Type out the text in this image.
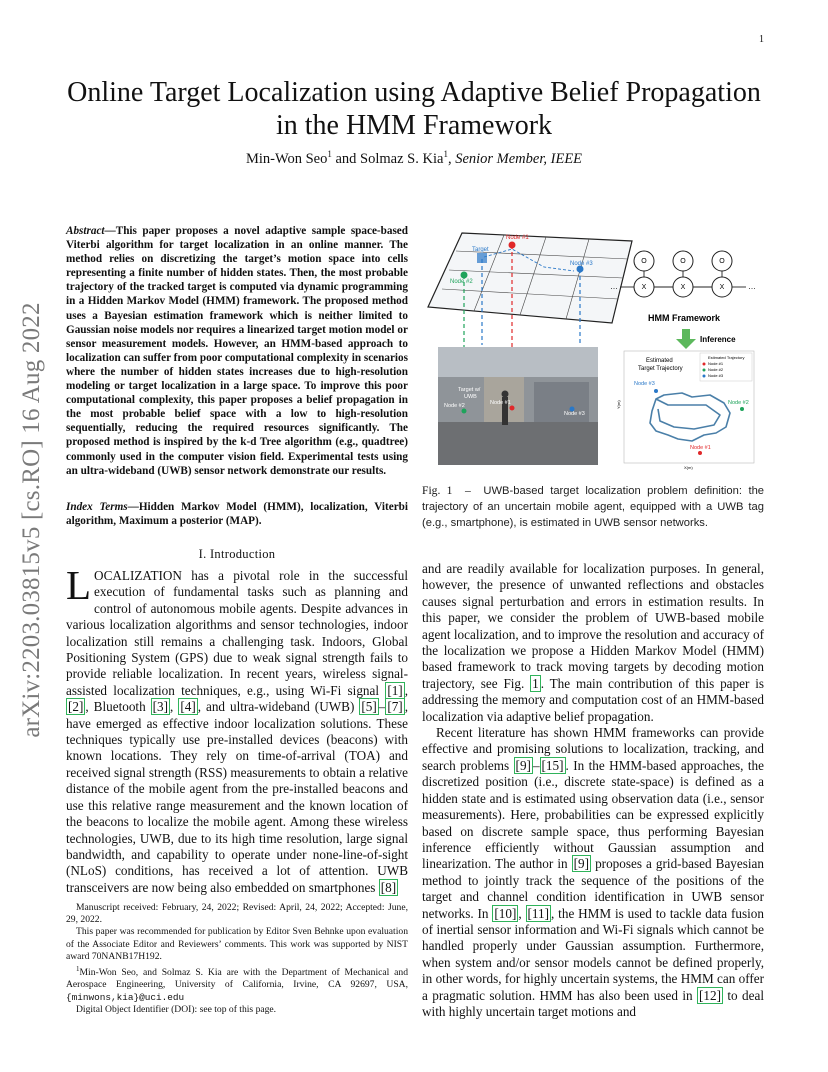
1
arXiv:2203.03815v5 [cs.RO] 16 Aug 2022
Online Target Localization using Adaptive Belief Propagation
in the HMM Framework
Min-Won Seo$^1$ and Solmaz S. Kia$^1$, Senior Member, IEEE
Abstract—This paper proposes a novel adaptive sample space-based Viterbi algorithm for target localization in an online manner. The method relies on discretizing the target’s motion space into cells representing a finite number of hidden states. Then, the most probable trajectory of the tracked target is computed via dynamic programming in a Hidden Markov Model (HMM) framework. The proposed method uses a Bayesian estimation framework which is neither limited to Gaussian noise models nor requires a linearized target motion model or sensor measurement models. However, an HMM-based approach to localization can suffer from poor computational complexity in scenarios where the number of hidden states increases due to high-resolution modeling or target localization in a large space. To improve this poor computational complexity, this paper proposes a belief propagation in the most probable belief space with a low to high-resolution sequentially, reducing the required resources significantly. The proposed method is inspired by the k-d Tree algorithm (e.g., quadtree) commonly used in the computer vision field. Experimental tests using an ultra-wideband (UWB) sensor network demonstrate our results.
Index Terms—Hidden Markov Model (HMM), localization, Viterbi algorithm, Maximum a posterior (MAP).
I. Introduction
LOCALIZATION has a pivotal role in the successful execution of fundamental tasks such as planning and control of autonomous mobile agents. Despite advances in various localization algorithms and sensor technologies, indoor localization still remains a challenging task. Indoors, Global Positioning System (GPS) due to weak signal strength fails to provide reliable localization. In recent years, wireless signal-assisted localization techniques, e.g., using Wi-Fi signal [1] , [2] , Bluetooth [3] , [4] , and ultra-wideband (UWB) [5] – [7] , have emerged as effective indoor localization solutions. These techniques typically use pre-installed devices (beacons) with known locations. They rely on time-of-arrival (TOA) and received signal strength (RSS) measurements to obtain a relative distance of the mobile agent from the pre-installed beacons and use this relative range measurement and the known location of the beacons to localize the mobile agent. Among these wireless technologies, UWB, due to its high time resolution, large signal bandwidth, and capability to operate under none-line-of-sight (NLoS) conditions, has received a lot of attention. UWB transceivers are now being also embedded on smartphones [8]

Manuscript received: February, 24, 2022; Revised: April, 24, 2022; Accepted: June, 29, 2022.

This paper was recommended for publication by Editor Sven Behnke upon evaluation of the Associate Editor and Reviewers’ comments. This work was supported by NIST award 70NANB17H192.

$^1$Min-Won Seo, and Solmaz S. Kia are with the Department of Mechanical and Aerospace Engineering, University of California, Irvine, CA 92697, USA, {minwons,kia}@uci.edu

Digital Object Identifier (DOI): see top of this page.

Node #1
Node #2
Node #3
Target
O	O	O
X	X	X
…	…
HMM Framework
Inference
Target w/
UWB
Node #1
Node #2
Node #3
Estimated
Target Trajectory
Estimated Trajectory
Node #1
Node #2
Node #3
Node #3
Node #2
Node #1
X(m)
Y(m)
Fig. 1  –  UWB-based target localization problem definition: the trajectory of an uncertain mobile agent, equipped with a UWB tag (e.g., smartphone), is estimated in UWB sensor networks.

and are readily available for localization purposes. In general, however, the presence of unwanted reflections and obstacles causes signal perturbation and errors in estimation results. In this paper, we consider the problem of UWB-based mobile agent localization, and to improve the resolution and accuracy of the localization we propose a Hidden Markov Model (HMM) based framework to track moving targets by decoding motion trajectory, see Fig. 1 . The main contribution of this paper is addressing the memory and computation cost of an HMM-based localization via adaptive belief propagation.

Recent literature has shown HMM frameworks can provide effective and promising solutions to localization, tracking, and search problems [9] – [15] . In the HMM-based approaches, the discretized position (i.e., discrete state-space) is defined as a hidden state and is estimated using observation data (i.e., sensor measurements). Here, probabilities can be expressed explicitly based on discrete sample space, thus performing Bayesian inference efficiently without Gaussian assumption and linearization. The author in [9] proposes a grid-based Bayesian method to jointly track the sequence of the positions of the target and channel condition identification in UWB sensor networks. In [10] , [11] , the HMM is used to tackle data fusion of inertial sensor information and Wi-Fi signals which cannot be handled properly under Gaussian assumption. Furthermore, when system and/or sensor models cannot be defined properly, in other words, for highly uncertain systems, the HMM can offer a pragmatic solution. HMM has also been used in [12] to deal with highly uncertain target motions and
